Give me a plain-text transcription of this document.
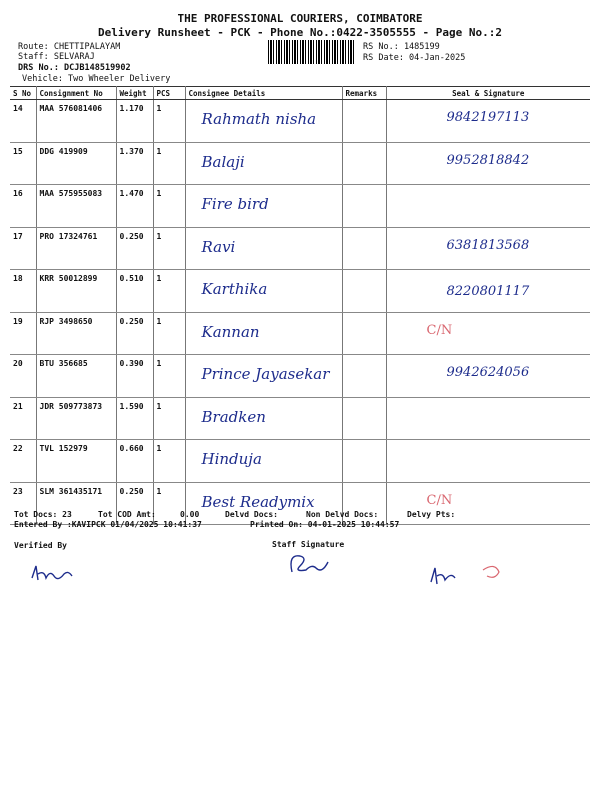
THE PROFESSIONAL COURIERS, COIMBATORE
Delivery Runsheet - PCK - Phone No.:0422-3505555 - Page No.:2
Route: CHETTIPALAYAM
Staff: SELVARAJ
DRS No.: DCJB148519902
Vehicle: Two Wheeler Delivery
RS No.: 1485199
RS Date: 04-Jan-2025
S No	Consignment No	Weight	PCS	Consignee Details	Remarks	Seal & Signature
14	MAA 576081406	1.170	1	Rahmath nisha		9842197113

15	DDG 419909	1.370	1	Balaji		9952818842

16	MAA 575955083	1.470	1	Fire bird		

17	PRO 17324761	0.250	1	Ravi		6381813568

18	KRR 50012899	0.510	1	Karthika		8220801117

19	RJP 3498650	0.250	1	Kannan		C/N

20	BTU 356685	0.390	1	Prince Jayasekar		9942624056

21	JDR 509773873	1.590	1	Bradken		

22	TVL 152979	0.660	1	Hinduja		

23	SLM 361435171	0.250	1	Best Readymix		C/N
Tot Docs: 23	Tot COD Amt:	0.00	Delvd Docs:	Non Delvd Docs:	Delvy Pts:
Entered By :KAVIPCK 01/04/2025 10:41:37	Printed On: 04-01-2025 10:44:57
Verified By	Staff Signature
